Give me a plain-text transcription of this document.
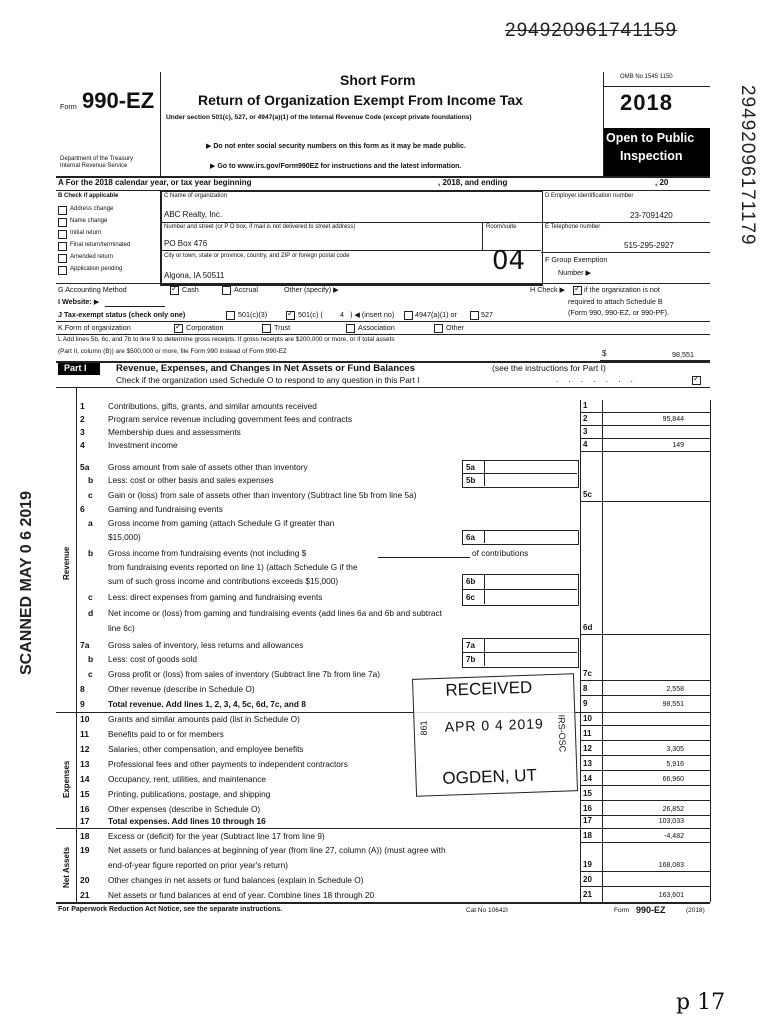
294920961741159
29492096171179
SCANNED MAY 0 6 2019
Form 990-EZ
Department of the Treasury
Internal Revenue Service
Short Form
Return of Organization Exempt From Income Tax
Under section 501(c), 527, or 4947(a)(1) of the Internal Revenue Code (except private foundations)
▶ Do not enter social security numbers on this form as it may be made public.
▶ Go to www.irs.gov/Form990EZ for instructions and the latest information.
OMB No 1545 1150
2018
Open to Public
Inspection
A For the 2018 calendar year, or tax year beginning	, 2018, and ending	, 20
B Check if applicable
Address change
Name change
Initial return
Final return/terminated
Amended return
Application pending
C Name of organization
ABC Realty, Inc.
Number and street (or P O box, if mail is not delivered to street address)	Room/suite
PO Box 476
City or town, state or province, country, and ZIP or foreign postal code
Algona, IA 50511	04
D Employer identification number
23-7091420
E Telephone number
515-295-2927
F Group Exemption
Number ▶
G Accounting Method ✓	Cash	Accrual	Other (specify) ▶	H Check ▶ ✓	if the organization is not
required to attach Schedule B
(Form 990, 990-EZ, or 990-PF).
I Website: ▶
J Tax-exempt status (check only one)	501(c)(3) ✓	501(c) ( 4 ) ◀ (insert no)	4947(a)(1) or	527
K Form of organization ✓	Corporation	Trust	Association	Other
L Add lines 5b, 6c, and 7b to line 9 to determine gross receipts. If gross receipts are $200,000 or more, or if total assets
(Part II, column (B)) are $500,000 or more, file Form 990 instead of Form 990-EZ	$	98,551
Part I	Revenue, Expenses, and Changes in Net Assets or Fund Balances	(see the instructions for Part I)
Check if the organization used Schedule O to respond to any question in this Part I	. . . . . . .
✓
Revenue
Expenses
Net Assets
1	Contributions, gifts, grants, and similar amounts received	1
2	Program service revenue including government fees and contracts	2	95,844
3	Membership dues and assessments	3
4	Investment income	4	149
5a Gross amount from sale of assets other than inventory	5a
b Less: cost or other basis and sales expenses	5b
c Gain or (loss) from sale of assets other than inventory (Subtract line 5b from line 5a)	5c
6	Gaming and fundraising events
a Gross income from gaming (attach Schedule G if greater than
$15,000)	6a
b Gross income from fundraising events (not including $	of contributions
from fundraising events reported on line 1) (attach Schedule G if the
sum of such gross income and contributions exceeds $15,000)	6b
c Less: direct expenses from gaming and fundraising events	6c
d Net income or (loss) from gaming and fundraising events (add lines 6a and 6b and subtract
line 6c)	6d
7a Gross sales of inventory, less returns and allowances	7a
b Less: cost of goods sold	7b
c Gross profit or (loss) from sales of inventory (Subtract line 7b from line 7a)	7c
8	Other revenue (describe in Schedule O)	8	2,558
9	Total revenue. Add lines 1, 2, 3, 4, 5c, 6d, 7c, and 8	9	98,551
10 Grants and similar amounts paid (list in Schedule O)	10
11 Benefits paid to or for members	11
12 Salaries, other compensation, and employee benefits	12	3,305
13 Professional fees and other payments to independent contractors	13	5,916
14 Occupancy, rent, utilities, and maintenance	14	66,960
15 Printing, publications, postage, and shipping	15
16 Other expenses (describe in Schedule O)	16	26,852
17 Total expenses. Add lines 10 through 16	17	103,033
18 Excess or (deficit) for the year (Subtract line 17 from line 9)	18	-4,482
19 Net assets or fund balances at beginning of year (from line 27, column (A)) (must agree with
end-of-year figure reported on prior year's return)	19	168,083
20 Other changes in net assets or fund balances (explain in Schedule O)	20
21 Net assets or fund balances at end of year. Combine lines 18 through 20	21	163,601
RECEIVED
APR 0 4 2019
OGDEN, UT
861	IRS-OSC
For Paperwork Reduction Act Notice, see the separate instructions.	Cat No 10642I	Form 990-EZ	(2018)
p 17
